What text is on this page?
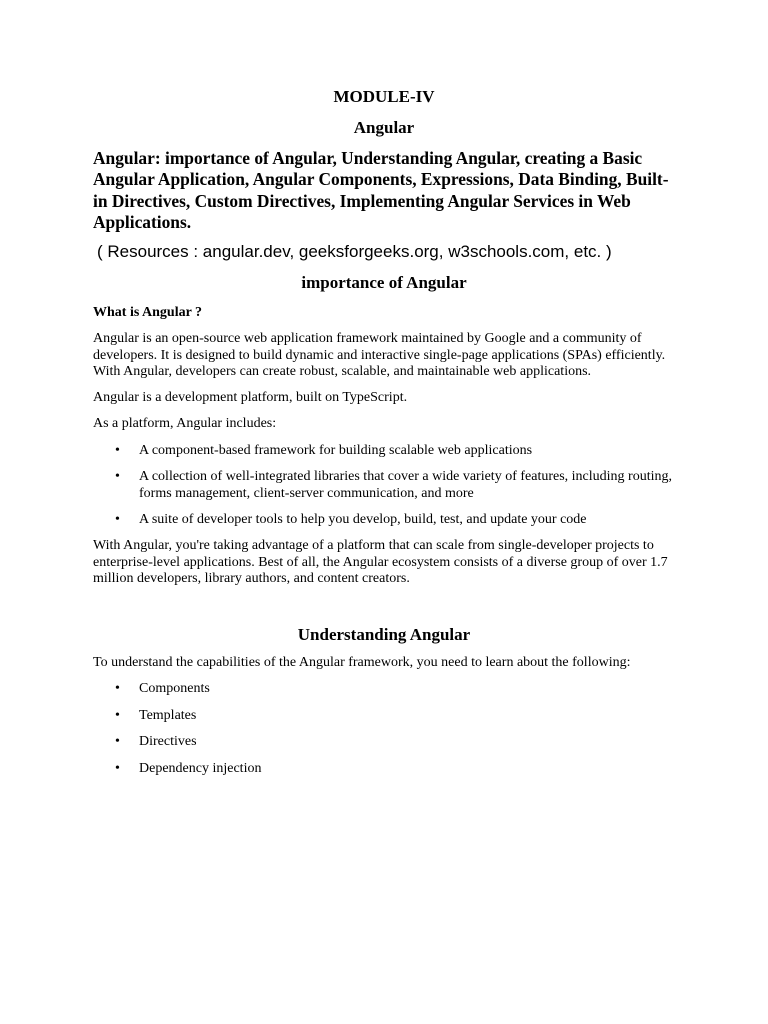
MODULE-IV
Angular

Angular: importance of Angular, Understanding Angular, creating a Basic Angular Application, Angular Components, Expressions, Data Binding, Built-in Directives, Custom Directives, Implementing Angular Services in Web Applications.

( Resources : angular.dev, geeksforgeeks.org, w3schools.com, etc. )

importance of Angular
What is Angular ?

Angular is an open-source web application framework maintained by Google and a community of developers. It is designed to build dynamic and interactive single-page applications (SPAs) efficiently. With Angular, developers can create robust, scalable, and maintainable web applications.

Angular is a development platform, built on TypeScript.

As a platform, Angular includes:

• A component-based framework for building scalable web applications
• A collection of well-integrated libraries that cover a wide variety of features, including routing, forms management, client-server communication, and more
• A suite of developer tools to help you develop, build, test, and update your code

With Angular, you're taking advantage of a platform that can scale from single-developer projects to enterprise-level applications. Best of all, the Angular ecosystem consists of a diverse group of over 1.7 million developers, library authors, and content creators.

Understanding Angular

To understand the capabilities of the Angular framework, you need to learn about the following:

• Components
• Templates
• Directives
• Dependency injection
